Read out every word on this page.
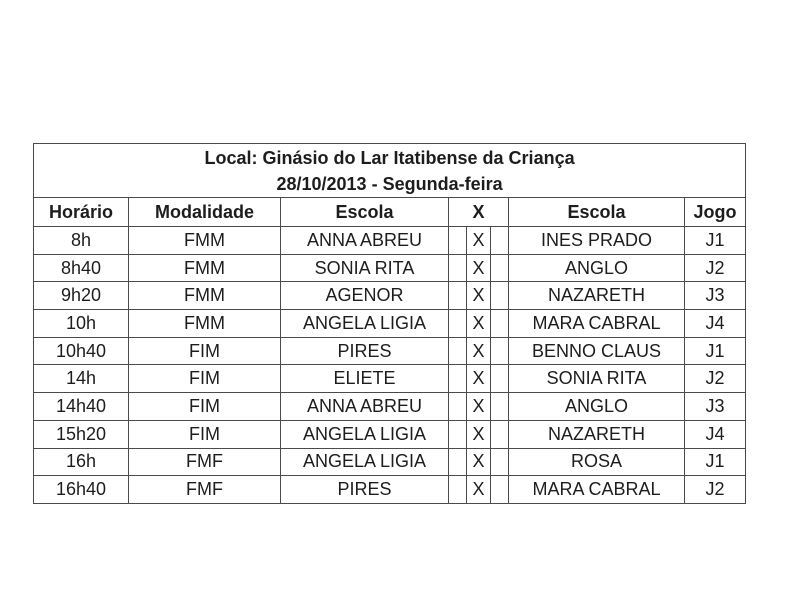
Local: Ginásio do Lar Itatibense da Criança
28/10/2013 - Segunda-feira							

Horário	Modalidade	Escola	X			Escola	Jogo
8h	FMM	ANNA ABREU		X		INES PRADO	J1
8h40	FMM	SONIA RITA		X		ANGLO	J2
9h20	FMM	AGENOR		X		NAZARETH	J3
10h	FMM	ANGELA LIGIA		X		MARA CABRAL	J4
10h40	FIM	PIRES		X		BENNO CLAUS	J1
14h	FIM	ELIETE		X		SONIA RITA	J2
14h40	FIM	ANNA ABREU		X		ANGLO	J3
15h20	FIM	ANGELA LIGIA		X		NAZARETH	J4
16h	FMF	ANGELA LIGIA		X		ROSA	J1
16h40	FMF	PIRES		X		MARA CABRAL	J2
